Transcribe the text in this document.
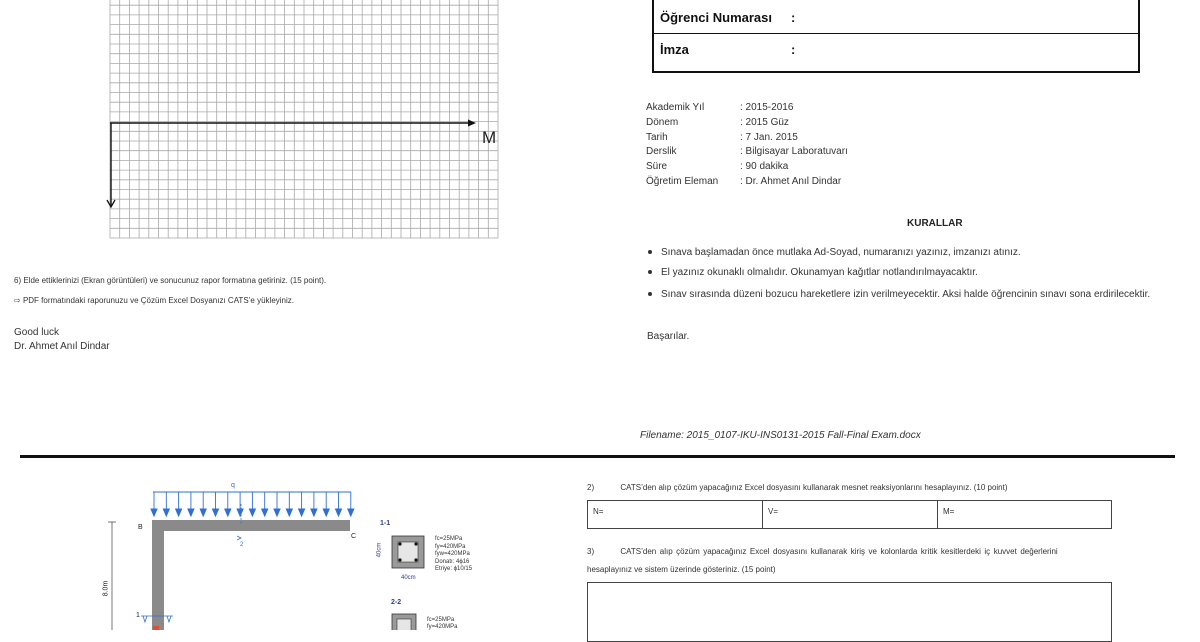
M
6) Elde ettiklerinizi (Ekran görüntüleri) ve sonucunuz rapor formatına getiriniz. (15 point).
⇨ PDF formatındaki raporunuzu ve Çözüm Excel Dosyanızı CATS’e yükleyiniz.
Good luck
Dr. Ahmet Anıl Dindar
Öğrenci Numarası :
İmza	:
Akademik Yıl	: 2015-2016
Dönem	: 2015 Güz
Tarih	: 7 Jan. 2015
Derslik	: Bilgisayar Laboratuvarı
Süre	: 90 dakika
Öğretim Eleman	: Dr. Ahmet Anıl Dindar
KURALLAR
Sınava başlamadan önce mutlaka Ad-Soyad, numaranızı yazınız, imzanızı atınız.
El yazınız okunaklı olmalıdır. Okunamyan kağıtlar notlandırılmayacaktır.
Sınav sırasında düzeni bozucu hareketlere izin verilmeyecektir. Aksi halde öğrencinin sınavı sona erdirilecektir.
Başarılar.
Filename: 2015_0107-IKU-INS0131-2015 Fall-Final Exam.docx
q
B
C
8.0m
2
1
1-1
2-2
40cm
40cm
fc=25MPa
fy=420MPa
fyw=420MPa
Donatı: 4ϕ16
Etriye: ϕ10/15
fc=25MPa
fy=420MPa
2)	CATS’den alıp çözüm yapacağınız Excel dosyasını kullanarak mesnet reaksiyonlarını hesaplayınız. (10 point)
N=	V=	M=
3)	CATS’den alıp çözüm yapacağınız Excel dosyasını kullanarak kiriş ve kolonlarda kritik kesitlerdeki iç kuvvet değerlerini
hesaplayınız ve sistem üzerinde gösteriniz. (15 point)
